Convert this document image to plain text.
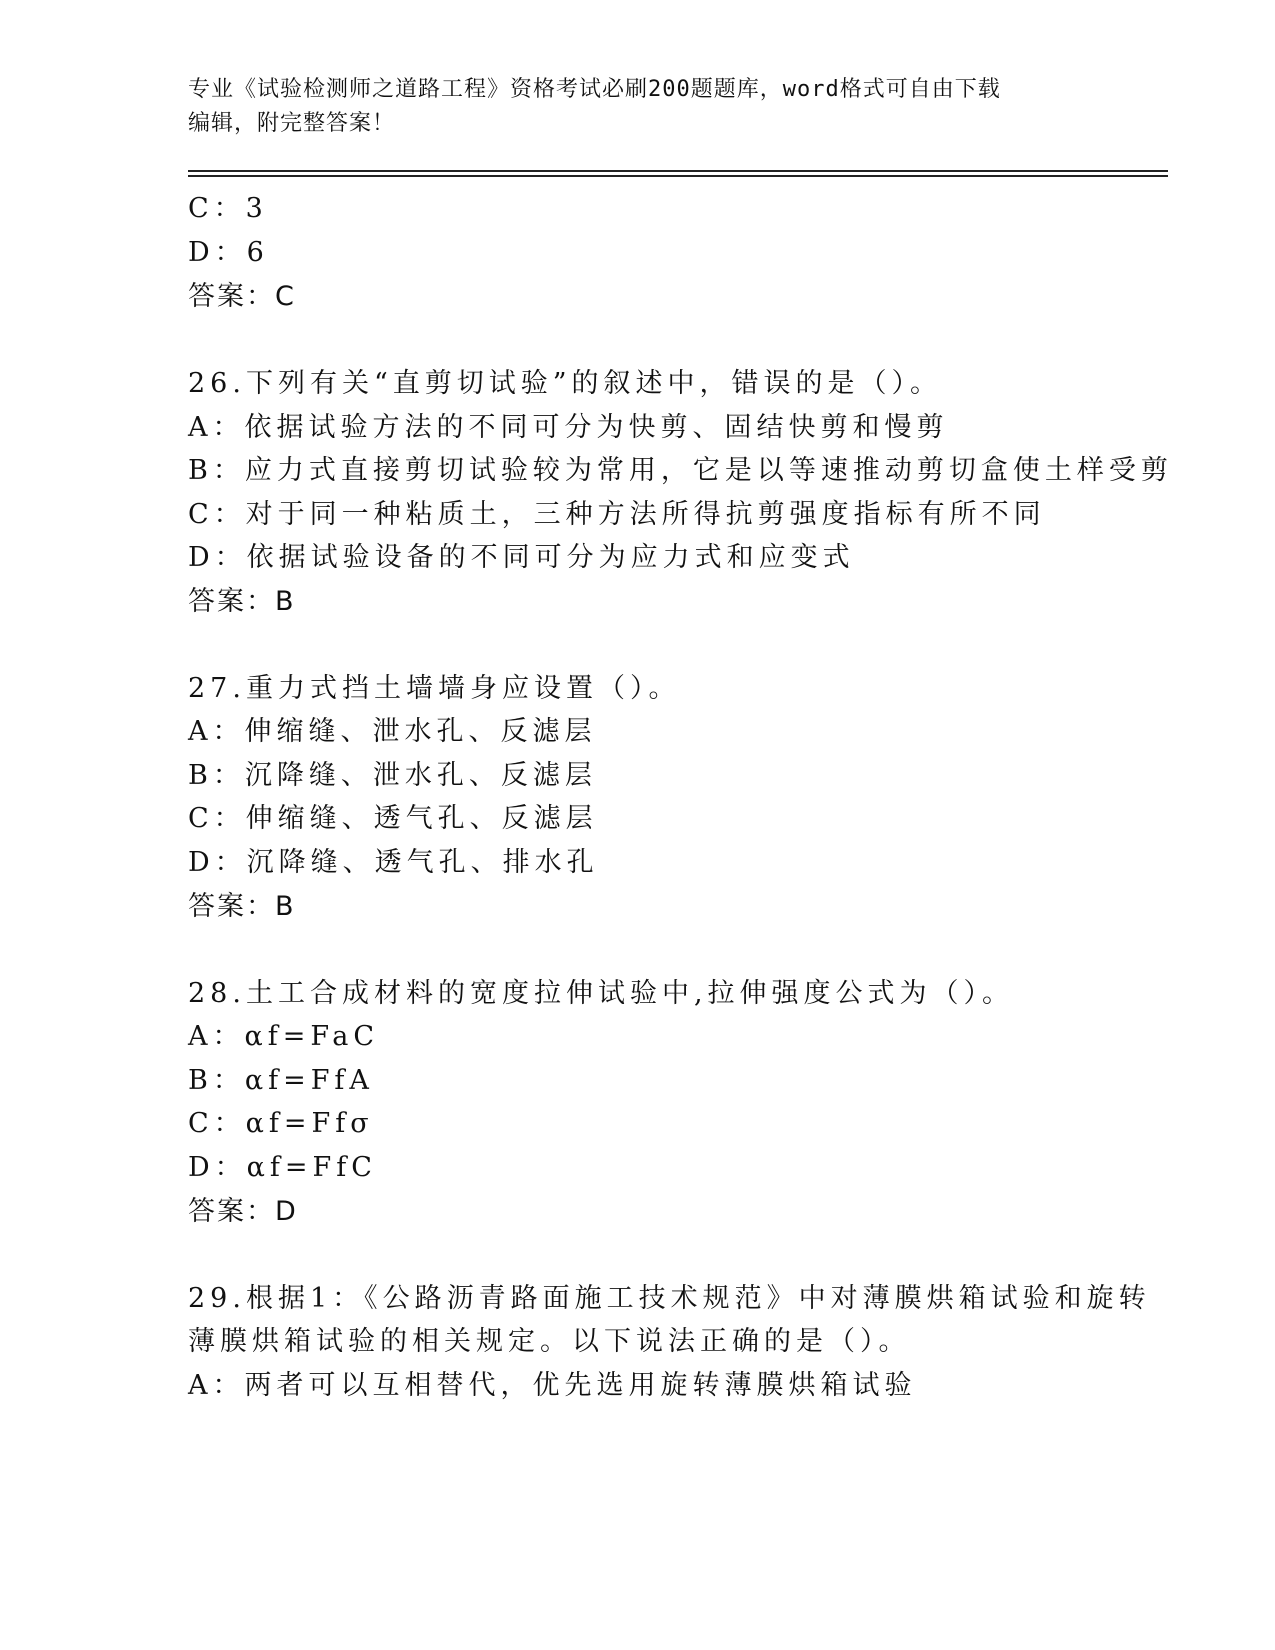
专业《试验检测师之道路工程》资格考试必刷200题题库，word格式可自由下载
编辑，附完整答案！
C：3
D：6
答案：C
26.下列有关“直剪切试验”的叙述中，错误的是（）。
A：依据试验方法的不同可分为快剪、固结快剪和慢剪
B：应力式直接剪切试验较为常用，它是以等速推动剪切盒使土样受剪
C：对于同一种粘质土，三种方法所得抗剪强度指标有所不同
D：依据试验设备的不同可分为应力式和应变式
答案：B
27.重力式挡土墙墙身应设置（）。
A：伸缩缝、泄水孔、反滤层
B：沉降缝、泄水孔、反滤层
C：伸缩缝、透气孔、反滤层
D：沉降缝、透气孔、排水孔
答案：B
28.土工合成材料的宽度拉伸试验中,拉伸强度公式为（）。
A：αf=FaC
B：αf=FfA
C：αf=Ffσ
D：αf=FfC
答案：D
29.根据1：《公路沥青路面施工技术规范》中对薄膜烘箱试验和旋转
薄膜烘箱试验的相关规定。以下说法正确的是（）。
A：两者可以互相替代，优先选用旋转薄膜烘箱试验
